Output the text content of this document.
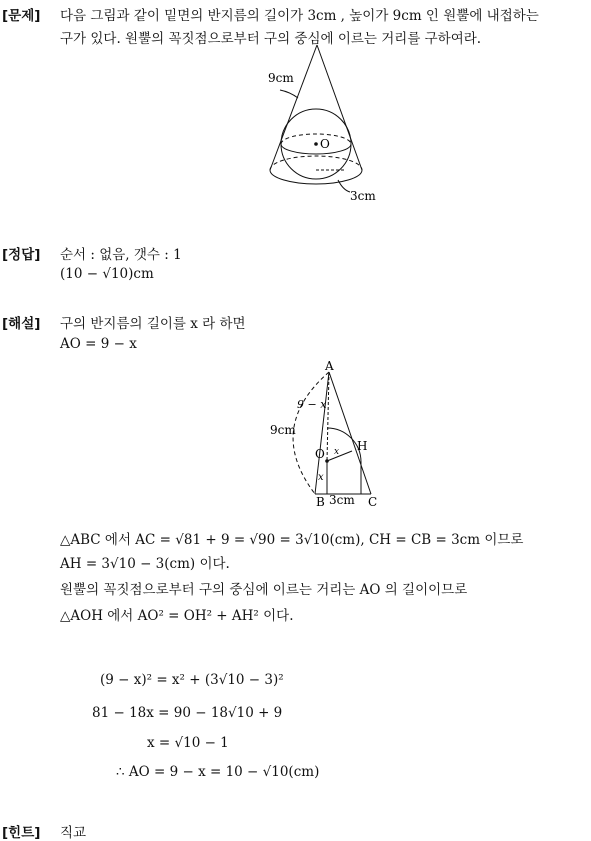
[문제] 다음 그림과 같이 밑면의 반지름의 길이가 3cm , 높이가 9cm 인 원뿔에 내접하는
구가 있다. 원뿔의 꼭짓점으로부터 구의 중심에 이르는 거리를 구하여라.
9cm
O
3cm
[정답] 순서 : 없음, 갯수 : 1
(10 − √10)cm
[해설] 구의 반지름의 길이를 x 라 하면
AO = 9 − x
A
B	C
O
H
9 − x
9cm
3cm
x
x
△ABC 에서 AC = √81 + 9 = √90 = 3√10(cm), CH = CB = 3cm 이므로
AH = 3√10 − 3(cm) 이다.
원뿔의 꼭짓점으로부터 구의 중심에 이르는 거리는 AO 의 길이이므로
△AOH 에서 AO² = OH² + AH² 이다.
(9 − x)² = x² + (3√10 − 3)²
81 − 18x = 90 − 18√10 + 9
x = √10 − 1
∴ AO = 9 − x = 10 − √10(cm)
[힌트] 직교
